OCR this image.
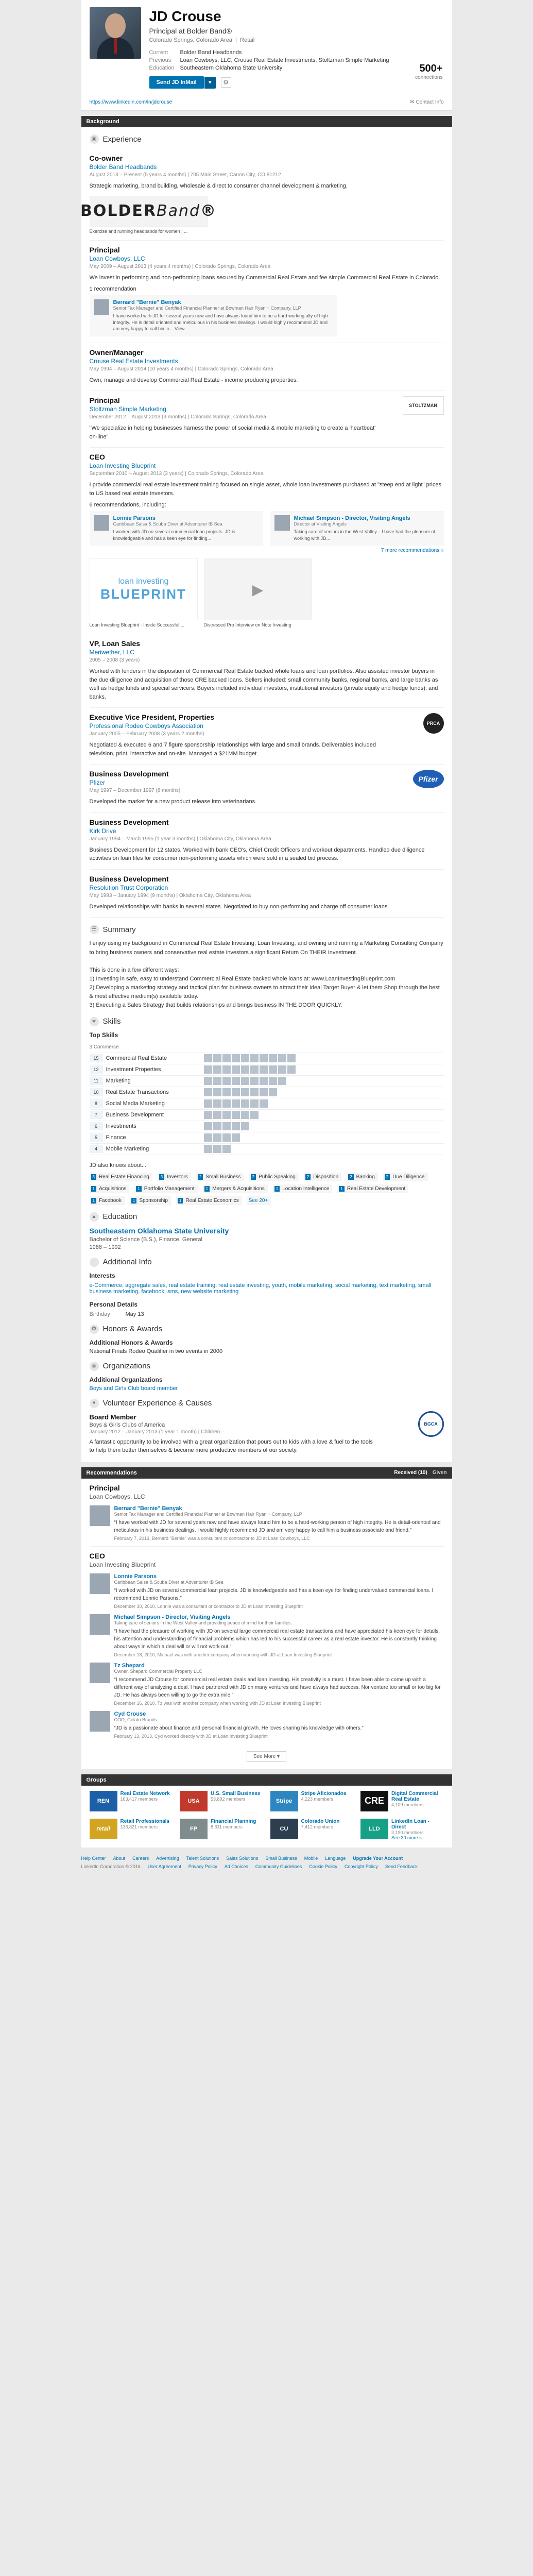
JD Crouse
Principal at Bolder Band®
Colorado Springs, Colorado Area  |  Retail
Current	Bolder Band Headbands
Previous	Loan Cowboys, LLC, Crouse Real Estate Investments, Stoltzman Simple Marketing
Education	Southeastern Oklahoma State University
Send JD InMail	▼	⚙
500+
connections
https://www.linkedin.com/in/jdcrouse	✉ Contact Info
Background
▣ Experience
Co-owner
Bolder Band Headbands
August 2013 – Present (5 years 4 months) | 705 Main Street, Canon City, CO 81212
Strategic marketing, brand building, wholesale & direct to consumer channel development & marketing.
BOLDERBand®
Exercise and running headbands for women | ...
Principal
Loan Cowboys, LLC
May 2009 – August 2013 (4 years 4 months) | Colorado Springs, Colorado Area
We invest in performing and non-performing loans secured by Commercial Real Estate and fee simple Commercial Real Estate in Colorado.
1 recommendation
Bernard "Bernie" Benyak
Senior Tax Manager and Certified Financial Planner at Bowman Hair Ryan + Company, LLP
I have worked with JD for several years now and have always found him to be a hard working ally of high integrity. He is detail oriented and meticulous in his business dealings. I would highly recommend JD and am very happy to call him a... View
Owner/Manager
Crouse Real Estate Investments
May 1994 – August 2014 (10 years 4 months) | Colorado Springs, Colorado Area
Own, manage and develop Commercial Real Estate - income producing properties.
Principal
Stoltzman Simple Marketing
December 2012 – August 2013 (9 months) | Colorado Springs, Colorado Area
"We specialize in helping businesses harness the power of social media & mobile marketing to create a 'heartbeat' on-line"
STOLTZMAN
CEO
Loan Investing Blueprint
September 2010 – August 2013 (3 years) | Colorado Springs, Colorado Area
I provide commercial real estate investment training focused on single asset, whole loan investments purchased at "steep end at light" prices to US based real estate investors.
6 recommendations, including:
Lonnie Parsons
Caribbean Salsa & Scuba Diver at Adventurer IB Sea
I worked with JD on several commercial loan projects. JD is knowledgeable and has a keen eye for finding...
Michael Simpson - Director, Visiting Angels
Director at Visiting Angels
Taking care of seniors in the West Valley... I have had the pleasure of working with JD...
7 more recommendations »
loan investing
BLUEPRINT
Loan Investing Blueprint - Inside Successful ...
▶
Distressed Pro Interview on Note Investing
VP, Loan Sales
Meriwether, LLC
2005 – 2008 (3 years)
Worked with lenders in the disposition of Commercial Real Estate backed whole loans and loan portfolios. Also assisted investor buyers in the due diligence and acquisition of those CRE backed loans. Sellers included: small community banks, regional banks, and large banks as well as hedge funds and special servicers. Buyers included individual investors, institutional investors (private equity and hedge funds), and banks.
Executive Vice President, Properties
Professional Rodeo Cowboys Association
January 2005 – February 2008 (3 years 2 months)
Negotiated & executed 6 and 7 figure sponsorship relationships with large and small brands. Deliverables included television, print, interactive and on-site. Managed a $21MM budget.
PRCA
Business Development
Pfizer
May 1997 – December 1997 (8 months)
Developed the market for a new product release into veterinarians.
Pfizer
Business Development
Kirk Drive
January 1994 – March 1995 (1 year 3 months) | Oklahoma City, Oklahoma Area
Business Development for 12 states. Worked with bank CEO's, Chief Credit Officers and workout departments. Handled due diligence activities on loan files for consumer non-performing assets which were sold in a sealed bid process.
Business Development
Resolution Trust Corporation
May 1993 – January 1994 (9 months) | Oklahoma City, Oklahoma Area
Developed relationships with banks in several states. Negotiated to buy non-performing and charge off consumer loans.
☰ Summary
I enjoy using my background in Commercial Real Estate Investing, Loan Investing, and owning and running a Marketing Consulting Company to bring business owners and conservative real estate investors a significant Return On THEIR Investment.

This is done in a few different ways:
1) Investing in safe, easy to understand Commercial Real Estate backed whole loans at: www.LoanInvestingBlueprint.com
2) Developing a marketing strategy and tactical plan for business owners to attract their Ideal Target Buyer & let them Shop through the best & most effective medium(s) available today.
3) Executing a Sales Strategy that builds relationships and brings business IN THE DOOR QUICKLY.
★ Skills
Top Skills
3 Commerce
15	Commercial Real Estate
12	Investment Properties
11	Marketing
10	Real Estate Transactions
8	Social Media Marketing
7	Business Development
6	Investments
5	Finance
4	Mobile Marketing
JD also knows about...
3 Real Estate Financing	3 Investors	2 Small Business	2 Public Speaking	2 Disposition	2 Banking	2 Due Diligence
1 Acquisitions	1 Portfolio Management	1 Mergers & Acquisitions	1 Location Intelligence	1 Real Estate Development
1 Facebook	1 Sponsorship	1 Real Estate Economics See 20+
▲ Education
Southeastern Oklahoma State University
Bachelor of Science (B.S.), Finance, General
1988 – 1992
i	Additional Info
Interests
e-Commerce, aggregate sales, real estate training, real estate investing, youth, mobile marketing, social marketing, text marketing, small business marketing, facebook, sms, new website marketing
Personal Details
Birthday	May 13
✪ Honors & Awards
Additional Honors & Awards
National Finals Rodeo Qualifier in two events in 2000
◎ Organizations
Additional Organizations
Boys and Girls Club board member
♥ Volunteer Experience & Causes
Board Member
Boys & Girls Clubs of America
January 2012 – January 2013 (1 year 1 month) | Children
A fantastic opportunity to be involved with a great organization that pours out to kids with a love & fuel to the tools to help them better themselves & become more productive members of our society.
BGCA
Recommendations	Received (10) Given
Principal
Loan Cowboys, LLC
Bernard "Bernie" Benyak
Senior Tax Manager and Certified Financial Planner at Bowman Hair Ryan + Company, LLP
“I have worked with JD for several years now and have always found him to be a hard-working person of high integrity. He is detail-oriented and meticulous in his business dealings. I would highly recommend JD and am very happy to call him a business associate and friend.”
February 7, 2013, Bernard "Bernie" was a consultant or contractor to JD at Loan Cowboys, LLC
CEO
Loan Investing Blueprint
Lonnie Parsons
Caribbean Salsa & Scuba Diver at Adventurer IB Sea
“I worked with JD on several commercial loan projects. JD is knowledgeable and has a keen eye for finding undervalued commercial loans. I recommend Lonnie Parsons.”
December 30, 2010, Lonnie was a consultant or contractor to JD at Loan Investing Blueprint
Michael Simpson - Director, Visiting Angels
Taking care of seniors in the West Valley and providing peace of mind for their families.
“I have had the pleasure of working with JD on several large commercial real estate transactions and have appreciated his keen eye for details, his attention and understanding of financial problems which has led to his successful career as a real estate investor. He is constantly thinking about ways in which a deal will or will not work out.”
December 18, 2010, Michael was with another company when working with JD at Loan Investing Blueprint
Tz Shepard
Owner, Shepard Commercial Property LLC
“I recommend JD Crouse for commercial real estate deals and loan investing. His creativity is a must. I have been able to come up with a different way of analyzing a deal. I have partnered with JD on many ventures and have always had success. Nor venture too small or too big for JD. He has always been willing to go the extra mile.”
December 16, 2010, Tz was with another company when working with JD at Loan Investing Blueprint
Cyd Crouse
COO, Gelato Brands
“JD is a passionate about finance and personal financial growth. He loves sharing his knowledge with others.”
February 13, 2013, Cyd worked directly with JD at Loan Investing Blueprint
See More ▾
Groups
REN
Real Estate Network
163,417 members	USA
U.S. Small Business
53,892 members	Stripe
Stripe Aficionados
4,223 members	CRE
Digital Commercial Real Estate
4,109 members
retail
Retail Professionals
136,821 members	FP
Financial Planning
8,611 members	CU
Colorado Union
7,412 members	LLD
LinkedIn Loan - Direct
3,190 members
See 30 more »
Help Center About Careers Advertising Talent Solutions Sales Solutions Small Business Mobile Language Upgrade Your Account
LinkedIn Corporation © 2016 User Agreement Privacy Policy Ad Choices Community Guidelines Cookie Policy Copyright Policy Send Feedback
